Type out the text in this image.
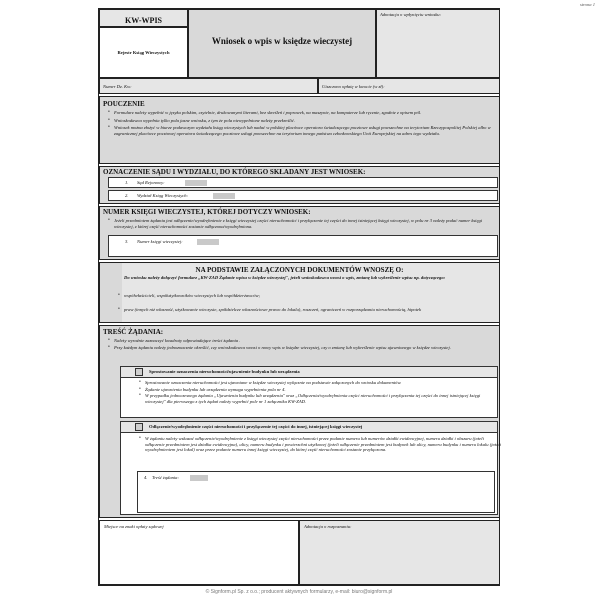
strona 1
KW-WPIS
Rejestr Ksiąg Wieczystych
Wniosek o wpis w księdze wieczystej
Adnotacja o wpłynięciu wniosku:
Numer Dz. Kw:	Uiszczono opłatę w kwocie (w zł):
POUCZENIE
• Formularz należy wypełnić w języku polskim, czytelnie, drukowanymi literami, bez skreśleń i poprawek, na maszynie, na komputerze lub ręcznie, zgodnie z opisem pól.
• Wnioskodawca wypełnia tylko pola jasne wniosku, z tym że pola niewypełnione należy przekreślić.
• Wniosek można złożyć w biurze podawczym wydziału ksiąg wieczystych lub nadać w polskiej placówce operatora świadczącego pocztowe usługi powszechne na terytorium Rzeczypospolitej Polskiej albo w zagranicznej placówce pocztowej operatora świadczącego pocztowe usługi powszechne na terytorium innego państwa członkowskiego Unii Europejskiej na adres tego wydziału.
OZNACZENIE SĄDU I WYDZIAŁU, DO KTÓREGO SKŁADANY JEST WNIOSEK:
1. Sąd Rejonowy:
2. Wydział Ksiąg Wieczystych:
NUMER KSIĘGI WIECZYSTEJ, KTÓREJ DOTYCZY WNIOSEK:
• Jeżeli przedmiotem żądania jest odłączenie/wyodrębnienie z księgi wieczystej części nieruchomości i przyłączenie tej części do innej istniejącej księgi wieczystej, w polu nr 3 należy podać numer księgi wieczystej, z której część nieruchomości zostanie odłączona/wyodrębniona.
3. Numer księgi wieczystej:
NA PODSTAWIE ZAŁĄCZONYCH DOKUMENTÓW WNOSZĘ O:
Do wniosku należy dołączyć formularz „KW-ZAD Żądanie wpisu w księdze wieczystej", jeżeli wnioskodawca wnosi o wpis, zmianę lub wykreślenie wpisu np. dotyczącego:
• współwłaścicieli, współużytkowników wieczystych lub współdzierżawców;
• praw (innych niż własność, użytkowanie wieczyste, spółdzielcze własnościowe prawo do lokalu), roszczeń, ograniczeń w rozporządzaniu nieruchomością, hipotek
TREŚĆ ŻĄDANIA:
• Należy wyraźnie zaznaczyć kwadraty odpowiadające treści żądania .
• Przy każdym żądaniu należy jednoznacznie określić, czy wnioskodawca wnosi o nowy wpis w księdze wieczystej, czy o zmianę lub wykreślenie wpisu ujawnionego w księdze wieczystej.
Sprostowanie oznaczenia nieruchomości/ujawnienie budynku lub urządzenia
• Sprostowanie oznaczenia nieruchomości jest ujawniane w księdze wieczystej wyłącznie na podstawie załączonych do wniosku dokumentów.
• Żądanie ujawnienia budynku lub urządzenia wymaga wypełnienia pola nr 4.
• W przypadku jednoczesnego żądania „Ujawnienia budynku lub urządzenia" oraz „Odłączenia/wyodrębnienia części nieruchomości i przyłączenia tej części do innej istniejącej księgi wieczystej" dla pierwszego z tych żądań należy wypełnić pole nr 1 załącznika KW-ZAD.
Odłączenie/wyodrębnienie części nieruchomości i przyłączenie tej części do innej, istniejącej księgi wieczystej
• W żądaniu należy wskazać odłączenie/wyodrębnienie z księgi wieczystej części nieruchomości przez podanie numeru lub numerów działki ewidencyjnej, numeru działki i obszaru (jeżeli odłączenie przedmiotem jest działka ewidencyjna), ulicy, numeru budynku i powierzchni użytkowej (jeżeli odłączenie przedmiotem jest budynek lub ulicy, numeru budynku i numeru lokalu (jeżeli wyodrębnieniem jest lokal) oraz przez podanie numeru innej księgi wieczystej, do której część nieruchomości zostanie przyłączona.
4. Treść żądania:
Miejsce na znaki opłaty sądowej	Adnotacja o rozpoznaniu:
© Signform.pl Sp. z o.o.; producent aktywnych formularzy, e-mail: biuro@signform.pl
